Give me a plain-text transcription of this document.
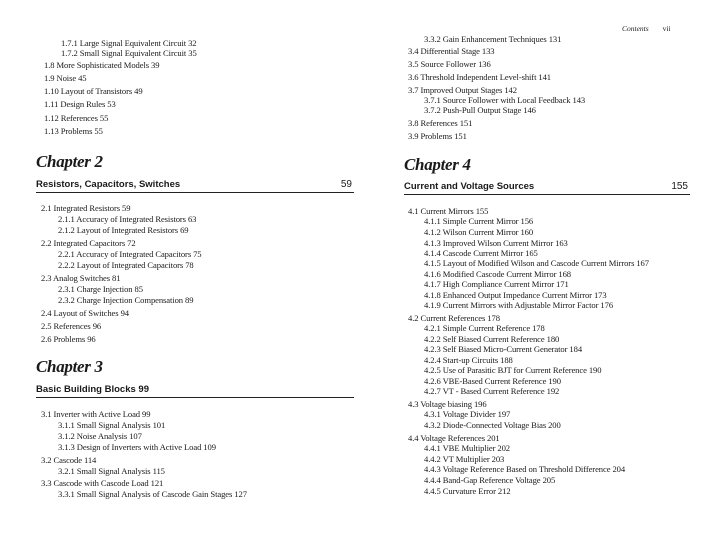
Contents vii
1.7.1 Large Signal Equivalent Circuit 32
1.7.2 Small Signal Equivalent Circuit 35
1.8 More Sophisticated Models 39
1.9 Noise 45
1.10 Layout of Transistors 49
1.11 Design Rules 53
1.12 References 55
1.13 Problems 55
Chapter 2
Resistors, Capacitors, Switches	59
2.1 Integrated Resistors 59
2.1.1 Accuracy of Integrated Resistors 63
2.1.2 Layout of Integrated Resistors 69
2.2 Integrated Capacitors 72
2.2.1 Accuracy of Integrated Capacitors 75
2.2.2 Layout of Integrated Capacitors 78
2.3 Analog Switches 81
2.3.1 Charge Injection 85
2.3.2 Charge Injection Compensation 89
2.4 Layout of Switches 94
2.5 References 96
2.6 Problems 96
Chapter 3
Basic Building Blocks 99
3.1 Inverter with Active Load 99
3.1.1 Small Signal Analysis 101
3.1.2 Noise Analysis 107
3.1.3 Design of Inverters with Active Load 109
3.2 Cascode 114
3.2.1 Small Signal Analysis 115
3.3 Cascode with Cascode Load 121
3.3.1 Small Signal Analysis of Cascode Gain Stages 127
3.3.2 Gain Enhancement Techniques 131
3.4 Differential Stage 133
3.5 Source Follower 136
3.6 Threshold Independent Level-shift 141
3.7 Improved Output Stages 142
3.7.1 Source Follower with Local Feedback 143
3.7.2 Push-Pull Output Stage 146
3.8 References 151
3.9 Problems 151
Chapter 4
Current and Voltage Sources	155
4.1 Current Mirrors 155
4.1.1 Simple Current Mirror 156
4.1.2 Wilson Current Mirror 160
4.1.3 Improved Wilson Current Mirror 163
4.1.4 Cascode Current Mirror 165
4.1.5 Layout of Modified Wilson and Cascode Current Mirrors 167
4.1.6 Modified Cascode Current Mirror 168
4.1.7 High Compliance Current Mirror 171
4.1.8 Enhanced Output Impedance Current Mirror 173
4.1.9 Current Mirrors with Adjustable Mirror Factor 176
4.2 Current References 178
4.2.1 Simple Current Reference 178
4.2.2 Self Biased Current Reference 180
4.2.3 Self Biased Micro-Current Generator 184
4.2.4 Start-up Circuits 188
4.2.5 Use of Parasitic BJT for Current Reference 190
4.2.6 VBE-Based Current Reference 190
4.2.7 VT - Based Current Reference 192
4.3 Voltage biasing 196
4.3.1 Voltage Divider 197
4.3.2 Diode-Connected Voltage Bias 200
4.4 Voltage References 201
4.4.1 VBE Multiplier 202
4.4.2 VT Multiplier 203
4.4.3 Voltage Reference Based on Threshold Difference 204
4.4.4 Band-Gap Reference Voltage 205
4.4.5 Curvature Error 212
